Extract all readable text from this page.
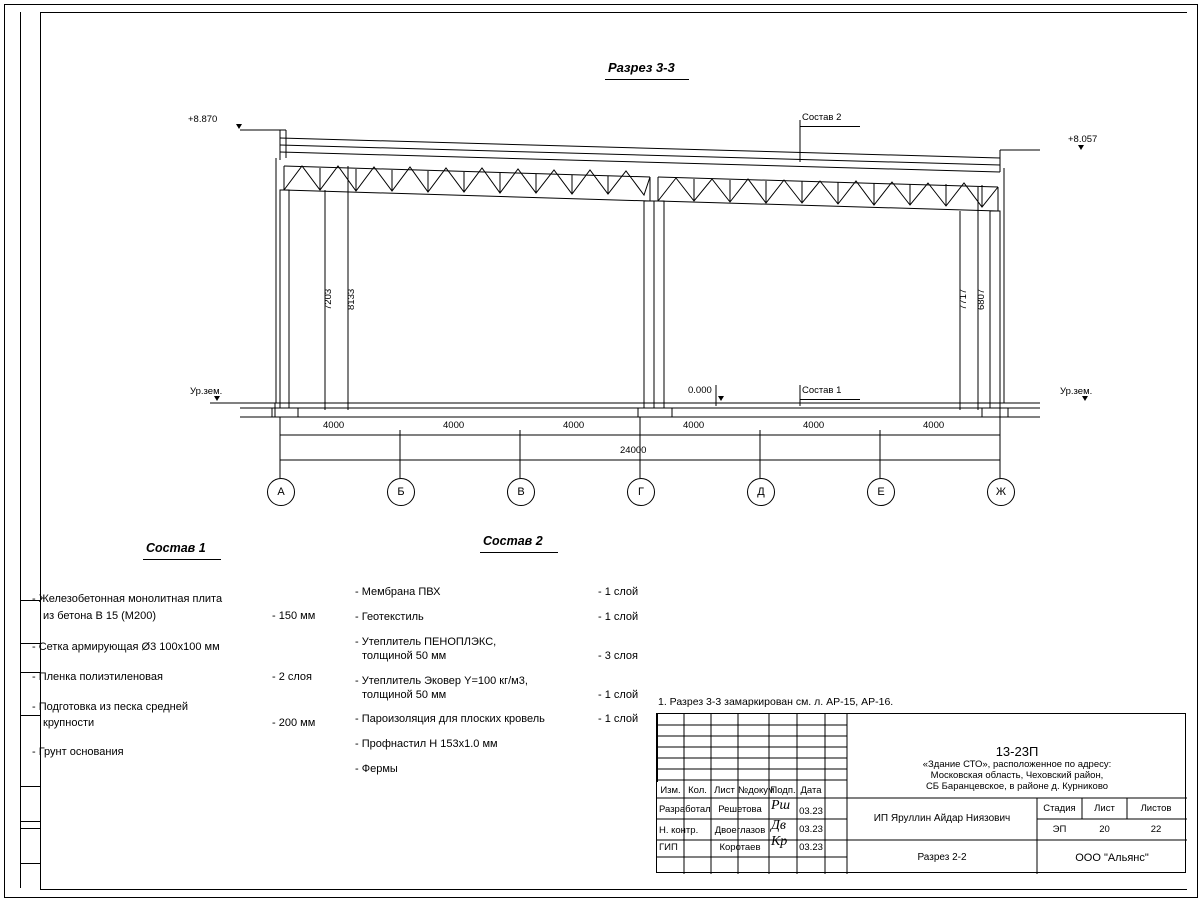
Разрез 3-3
+8.870
+8.057
Ур.зем.	Ур.зем.
0.000
Состав 2
Состав 1
7203 8133	7717 6807
4000	4000	4000	4000	4000	4000
24000
А	Б	В	Г	Д	Е	Ж
Состав 1
- Железобетонная монолитная плита
из бетона В 15 (М200)	- 150 мм
- Сетка армирующая Ø3 100х100 мм
- Пленка полиэтиленовая	- 2 слоя
- Подготовка из песка средней
крупности	- 200 мм
- Грунт основания
Состав 2
- Мембрана ПВХ	- 1 слой
- Геотекстиль	- 1 слой
- Утеплитель ПЕНОПЛЭКС,
толщиной 50 мм	- 3 слоя
- Утеплитель Эковер Y=100 кг/м3,
толщиной 50 мм	- 1 слой
- Пароизоляция для плоских кровель	- 1 слой
- Профнастил Н 153х1.0 мм
- Фермы
1. Разрез 3-3 замаркирован см. л. АР-15, АР-16.
13-23П
«Здание СТО», расположенное по адресу:
Московская область, Чеховский район,
СБ Баранцевское, в районе д. Курниково
Изм. Кол. Лист №докум.
Подп. Дата
Разработал Решетова	03.23
Рш
Н. контр.	Двоеглазов	03.23
Дв
ГИП	Коротаев	03.23
Кр
ИП Яруллин Айдар Ниязович
Разрез 2-2
Стадия	Лист	Листов
ЭП	20	22
ООО "Альянс"
